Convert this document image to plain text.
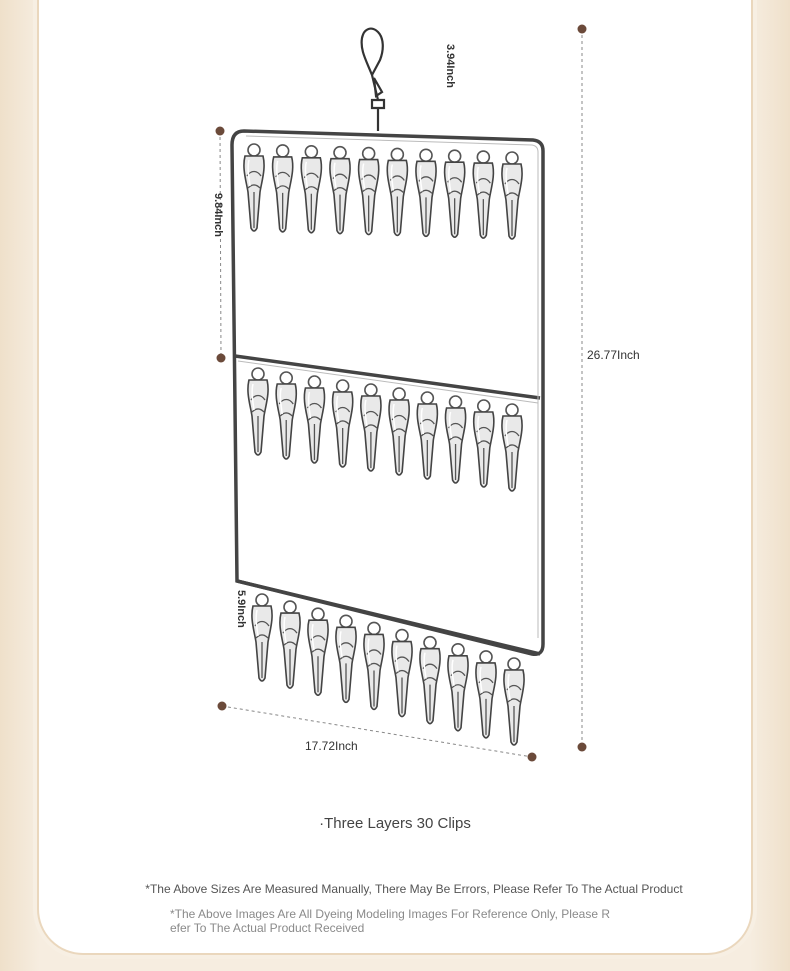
3.94Inch
9.84Inch
26.77Inch
5.9Inch
17.72Inch
·Three Layers 30 Clips
*The Above Sizes Are Measured Manually, There May Be Errors, Please Refer To The Actual Product
*The Above Images Are All Dyeing Modeling Images For Reference Only, Please Refer To The Actual Product Received
